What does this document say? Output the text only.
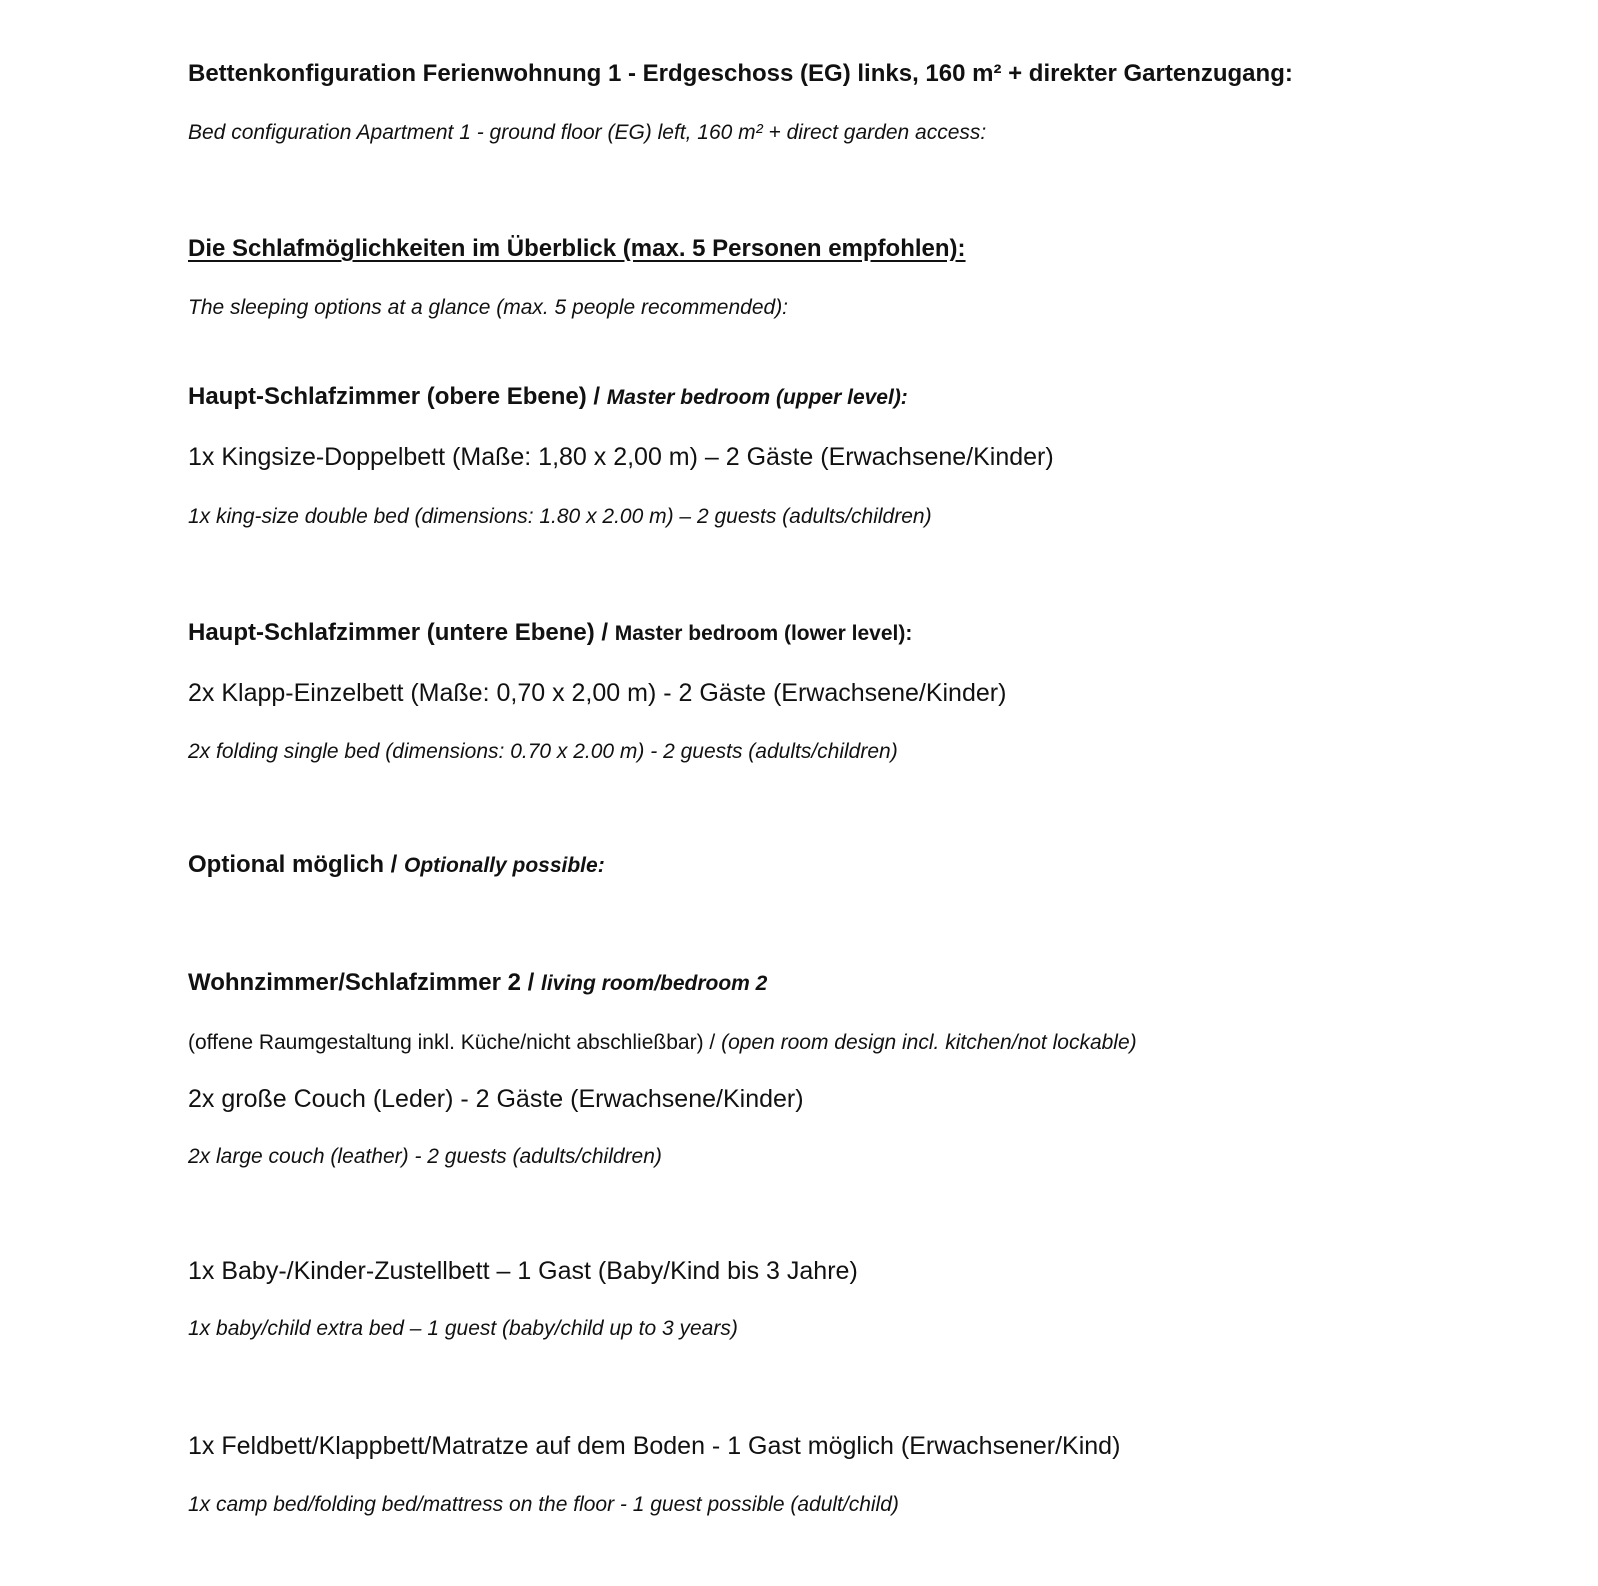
Bettenkonfiguration Ferienwohnung 1 - Erdgeschoss (EG) links, 160 m² + direkter Gartenzugang:
Bed configuration Apartment 1 - ground floor (EG) left, 160 m² + direct garden access:
Die Schlafmöglichkeiten im Überblick (max. 5 Personen empfohlen):
The sleeping options at a glance (max. 5 people recommended):
Haupt-Schlafzimmer (obere Ebene) / Master bedroom (upper level):
1x Kingsize-Doppelbett (Maße: 1,80 x 2,00 m) – 2 Gäste (Erwachsene/Kinder)
1x king-size double bed (dimensions: 1.80 x 2.00 m) – 2 guests (adults/children)
Haupt-Schlafzimmer (untere Ebene) / Master bedroom (lower level):
2x Klapp-Einzelbett (Maße: 0,70 x 2,00 m) - 2 Gäste (Erwachsene/Kinder)
2x folding single bed (dimensions: 0.70 x 2.00 m) - 2 guests (adults/children)
Optional möglich / Optionally possible:
Wohnzimmer/Schlafzimmer 2 / living room/bedroom 2
(offene Raumgestaltung inkl. Küche/nicht abschließbar) / (open room design incl. kitchen/not lockable)
2x große Couch (Leder) - 2 Gäste (Erwachsene/Kinder)
2x large couch (leather) - 2 guests (adults/children)
1x Baby-/Kinder-Zustellbett – 1 Gast (Baby/Kind bis 3 Jahre)
1x baby/child extra bed – 1 guest (baby/child up to 3 years)
1x Feldbett/Klappbett/Matratze auf dem Boden - 1 Gast möglich (Erwachsener/Kind)
1x camp bed/folding bed/mattress on the floor - 1 guest possible (adult/child)
